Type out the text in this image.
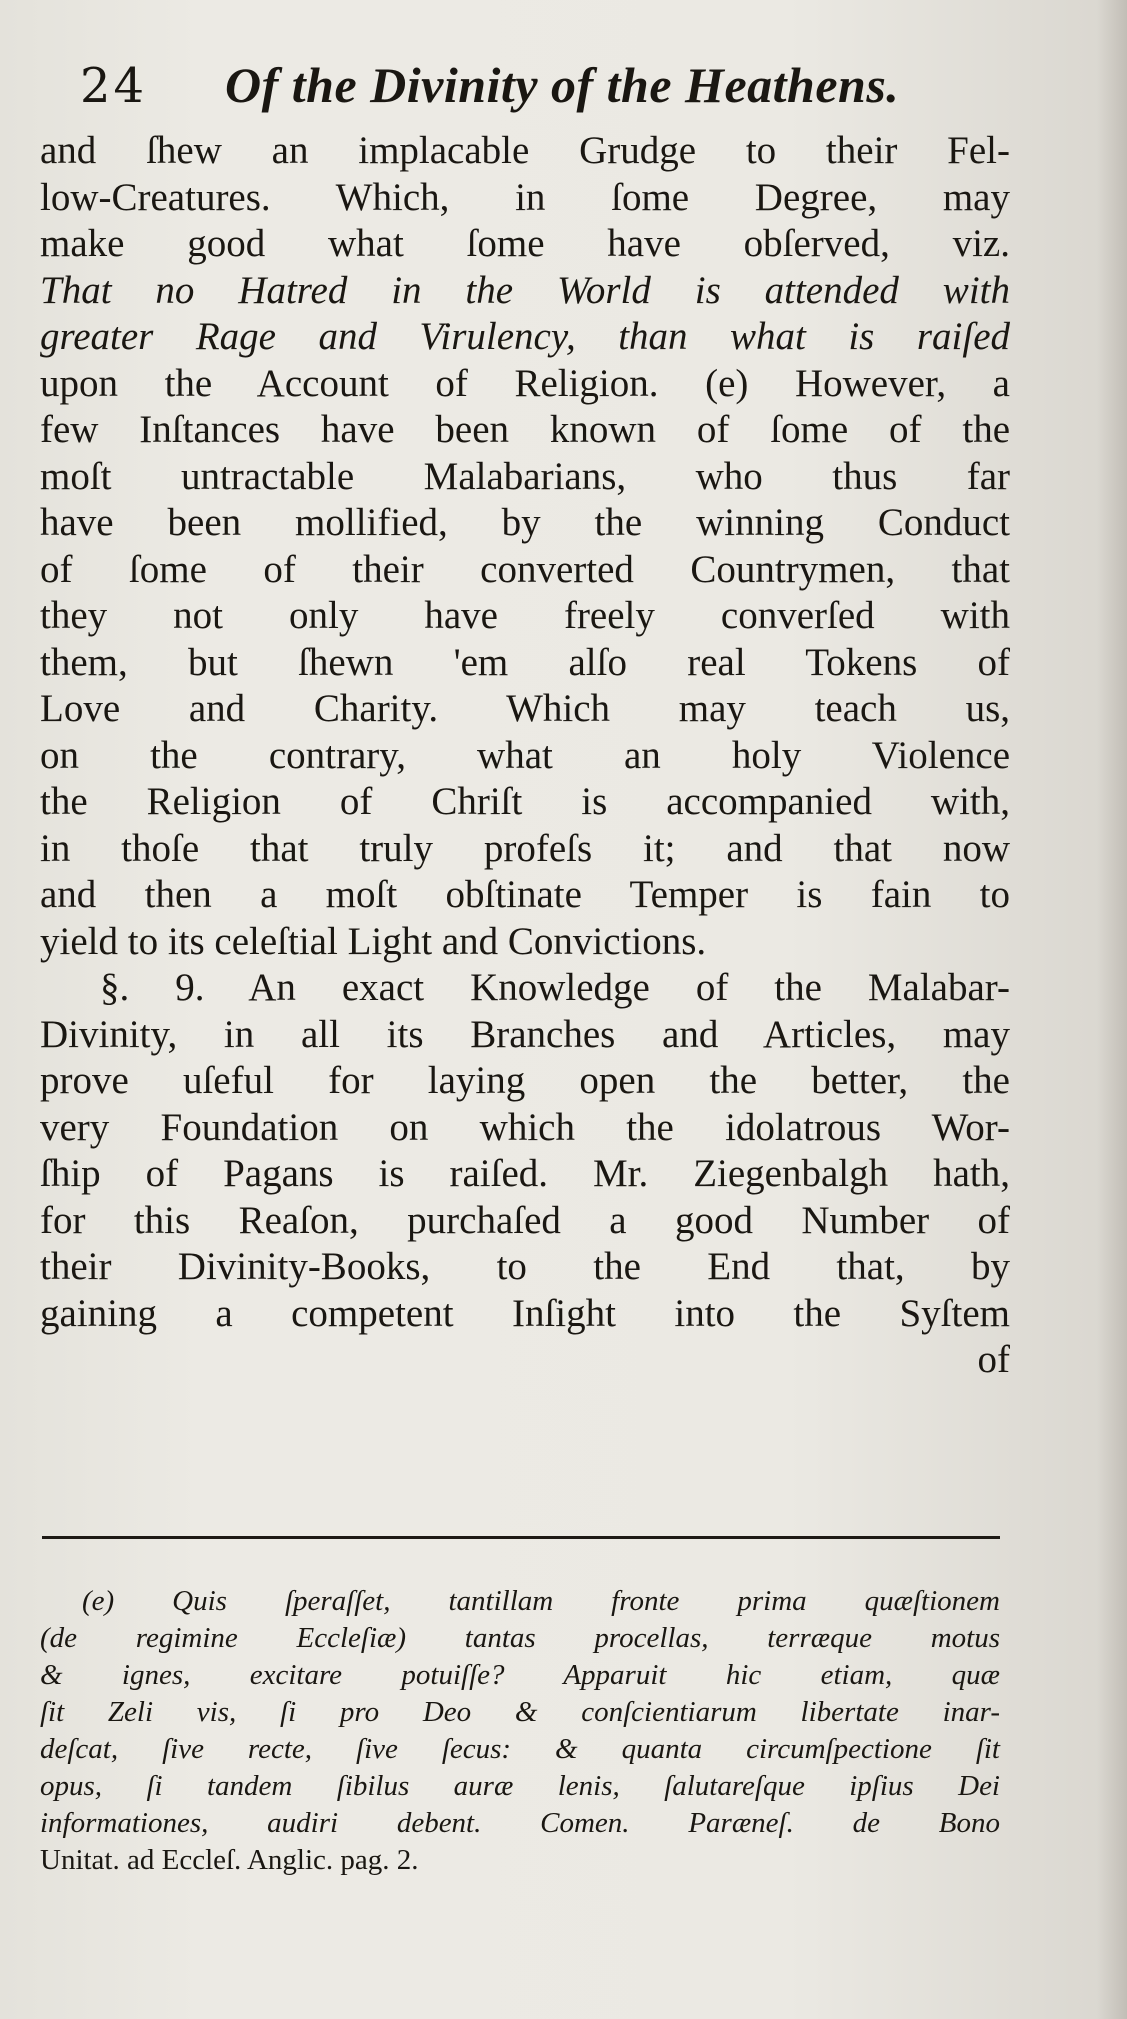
24 Of the Divinity of the Heathens.
and ſhew an implacable Grudge to their Fel-
low-Creatures. Which, in ſome Degree, may
make good what ſome have obſerved, viz.
That no Hatred in the World is attended with
greater Rage and Virulency, than what is raiſed
upon the Account of Religion. (e) However, a
few Inſtances have been known of ſome of the
moſt untractable Malabarians, who thus far
have been mollified, by the winning Conduct
of ſome of their converted Countrymen, that
they not only have freely converſed with
them, but ſhewn 'em alſo real Tokens of
Love and Charity. Which may teach us,
on the contrary, what an holy Violence
the Religion of Chriſt is accompanied with,
in thoſe that truly profeſs it; and that now
and then a moſt obſtinate Temper is fain to
yield to its celeſtial Light and Convictions.
§. 9. An exact Knowledge of the Malabar-
Divinity, in all its Branches and Articles, may
prove uſeful for laying open the better, the
very Foundation on which the idolatrous Wor-
ſhip of Pagans is raiſed. Mr. Ziegenbalgh hath,
for this Reaſon, purchaſed a good Number of
their Divinity-Books, to the End that, by
gaining a competent Inſight into the Syſtem
of
(e) Quis ſperaſſet, tantillam fronte prima quæſtionem
(de regimine Eccleſiæ) tantas procellas, terræque motus
& ignes, excitare potuiſſe? Apparuit hic etiam, quæ
ſit Zeli vis, ſi pro Deo & conſcientiarum libertate inar-
deſcat, ſive recte, ſive ſecus: & quanta circumſpectione ſit
opus, ſi tandem ſibilus auræ lenis, ſalutareſque ipſius Dei
informationes, audiri debent. Comen. Paræneſ. de Bono
Unitat. ad Eccleſ. Anglic. pag. 2.
